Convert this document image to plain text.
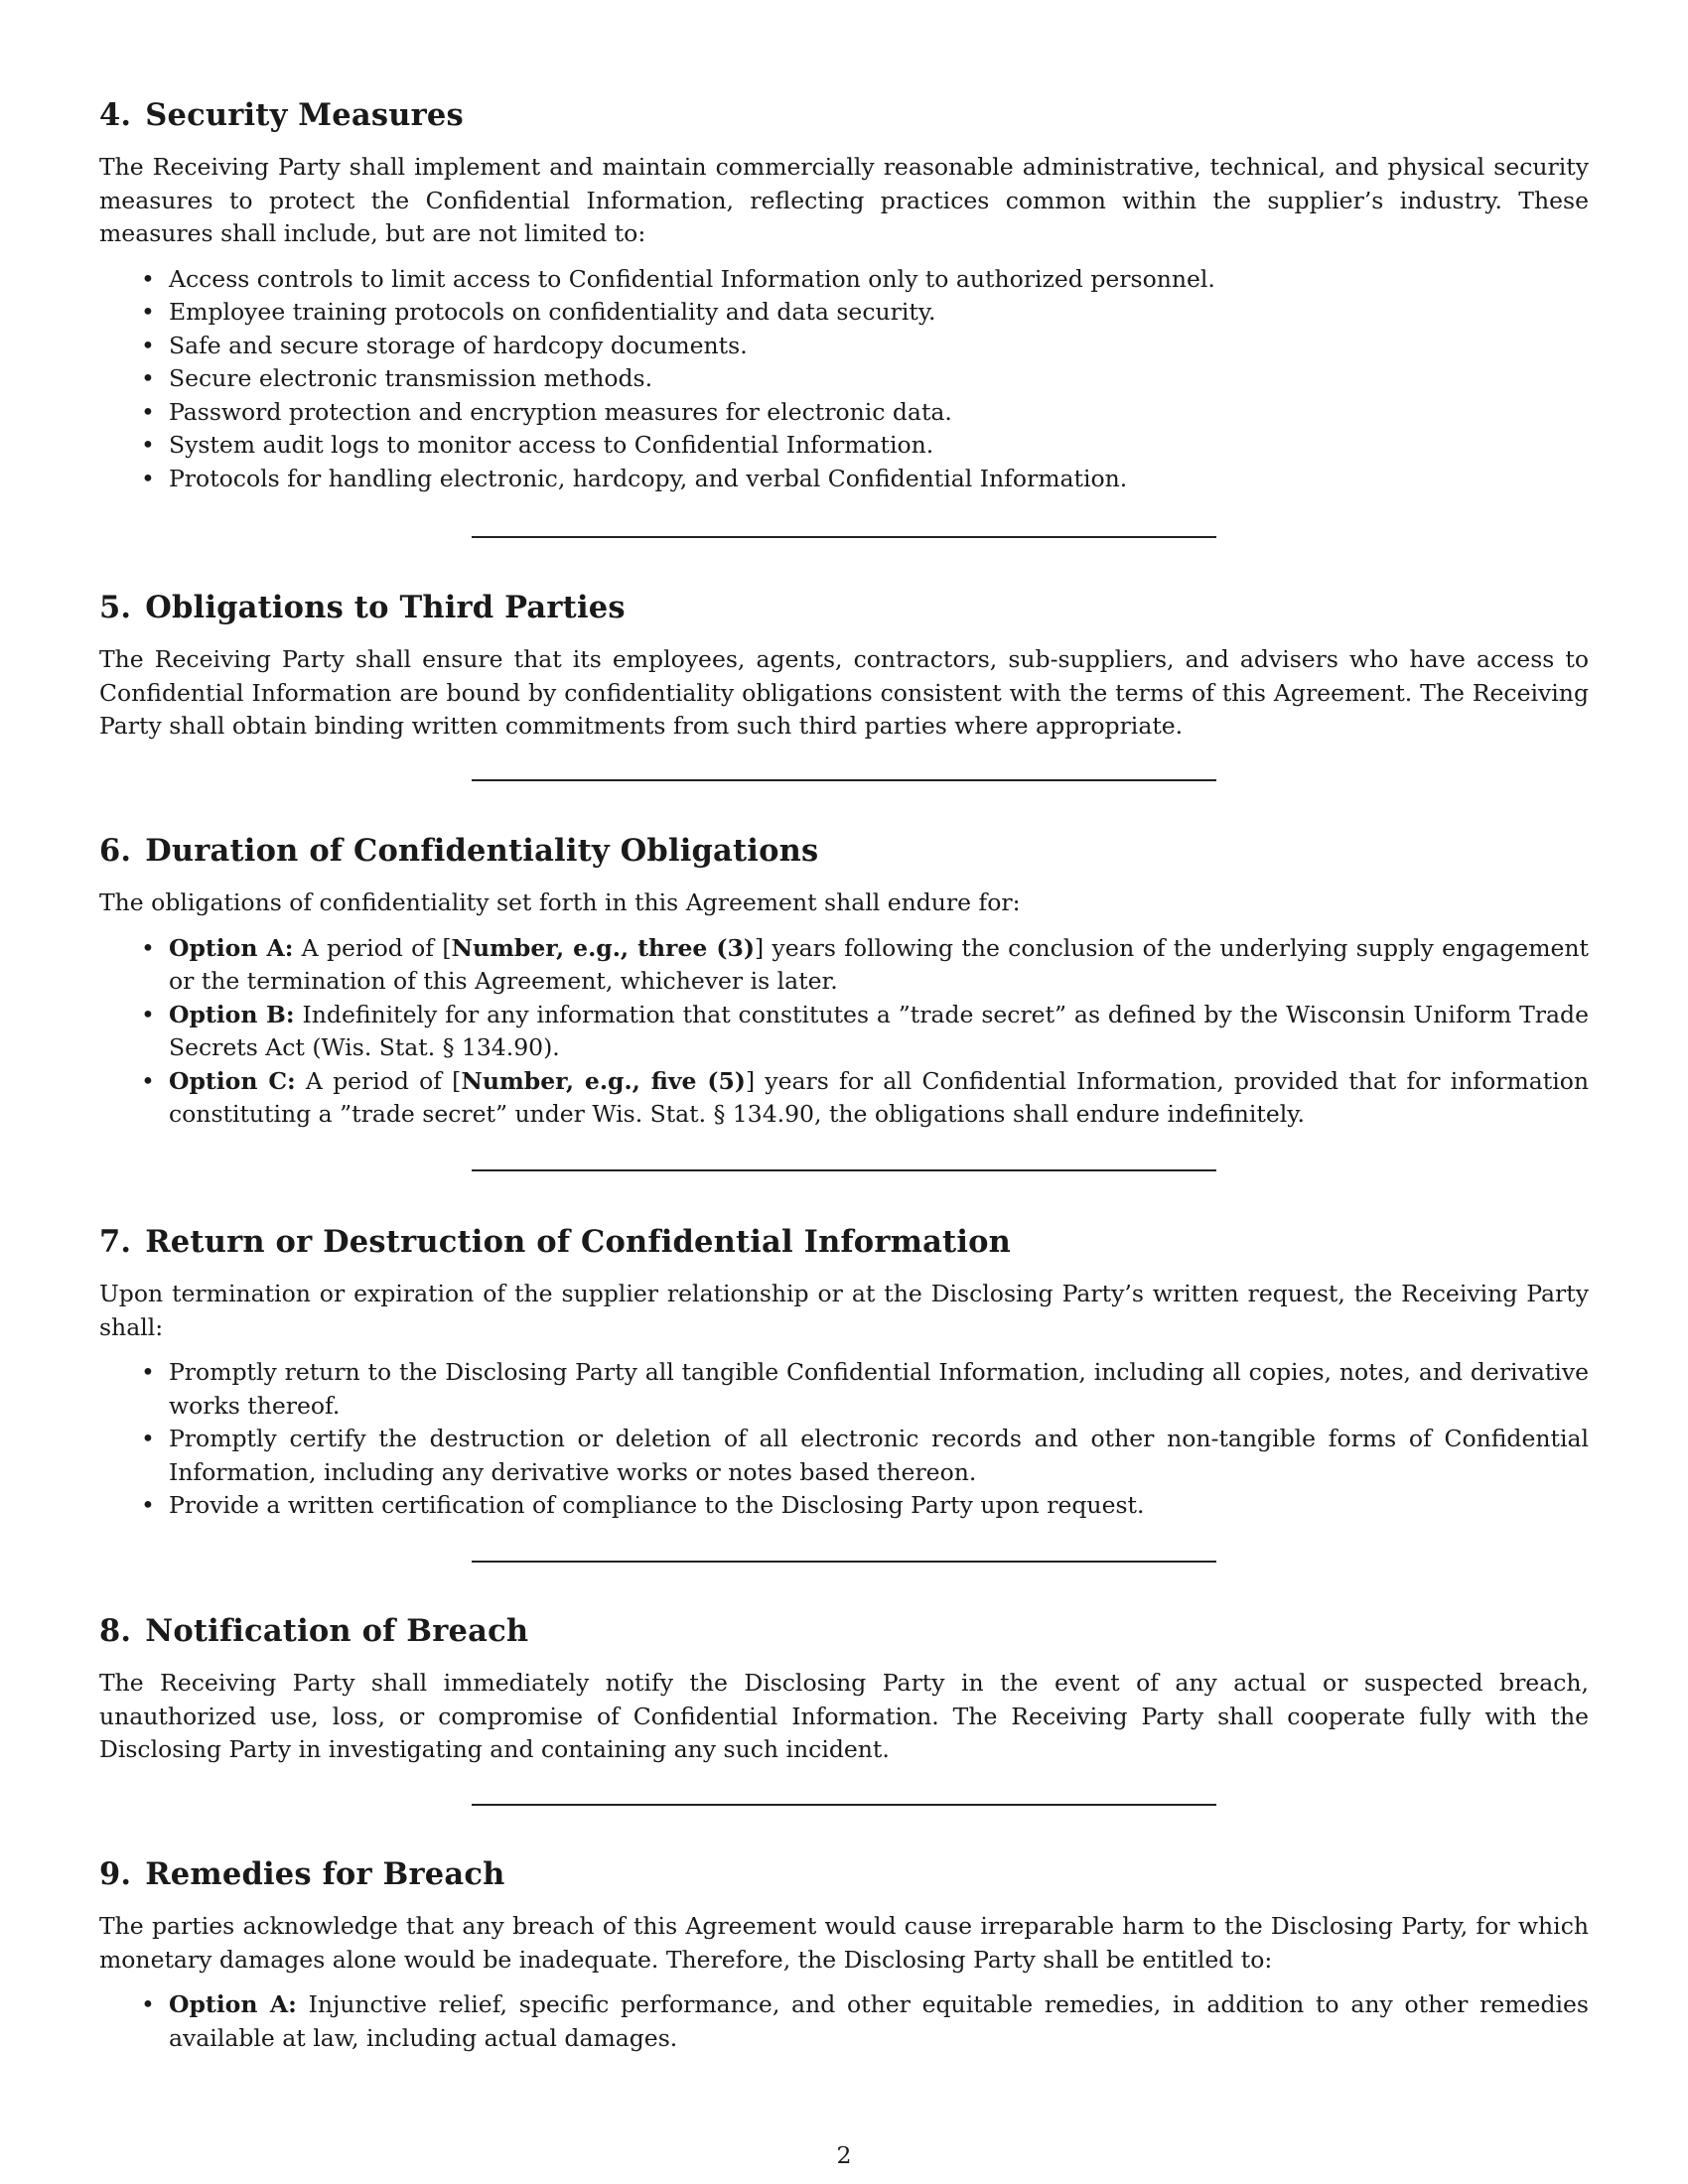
4. Security Measures

The Receiving Party shall implement and maintain commercially reasonable administrative, technical, and physical security measures to protect the Confidential Information, reflecting practices common within the supplier’s industry. These measures shall include, but are not limited to:

• Access controls to limit access to Confidential Information only to authorized personnel.
• Employee training protocols on confidentiality and data security.
• Safe and secure storage of hardcopy documents.
• Secure electronic transmission methods.
• Password protection and encryption measures for electronic data.
• System audit logs to monitor access to Confidential Information.
• Protocols for handling electronic, hardcopy, and verbal Confidential Information.
5. Obligations to Third Parties

The Receiving Party shall ensure that its employees, agents, contractors, sub-suppliers, and advisers who have access to Confidential Information are bound by confidentiality obligations consistent with the terms of this Agreement. The Receiving Party shall obtain binding written commitments from such third parties where appropriate.

6. Duration of Confidentiality Obligations

The obligations of confidentiality set forth in this Agreement shall endure for:

• Option A: A period of [Number, e.g., three (3)] years following the conclusion of the underlying supply engagement or the termination of this Agreement, whichever is later.
• Option B: Indefinitely for any information that constitutes a ”trade secret” as defined by the Wisconsin Uniform Trade Secrets Act (Wis. Stat. § 134.90).
• Option C: A period of [Number, e.g., five (5)] years for all Confidential Information, provided that for information constituting a ”trade secret” under Wis. Stat. § 134.90, the obligations shall endure indefinitely.
7. Return or Destruction of Confidential Information

Upon termination or expiration of the supplier relationship or at the Disclosing Party’s written request, the Receiving Party shall:

• Promptly return to the Disclosing Party all tangible Confidential Information, including all copies, notes, and derivative works thereof.
• Promptly certify the destruction or deletion of all electronic records and other non-tangible forms of Confidential Information, including any derivative works or notes based thereon.
• Provide a written certification of compliance to the Disclosing Party upon request.
8. Notification of Breach

The Receiving Party shall immediately notify the Disclosing Party in the event of any actual or suspected breach, unauthorized use, loss, or compromise of Confidential Information. The Receiving Party shall cooperate fully with the Disclosing Party in investigating and containing any such incident.

9. Remedies for Breach

The parties acknowledge that any breach of this Agreement would cause irreparable harm to the Disclosing Party, for which monetary damages alone would be inadequate. Therefore, the Disclosing Party shall be entitled to:

• Option A: Injunctive relief, specific performance, and other equitable remedies, in addition to any other remedies available at law, including actual damages.
2
